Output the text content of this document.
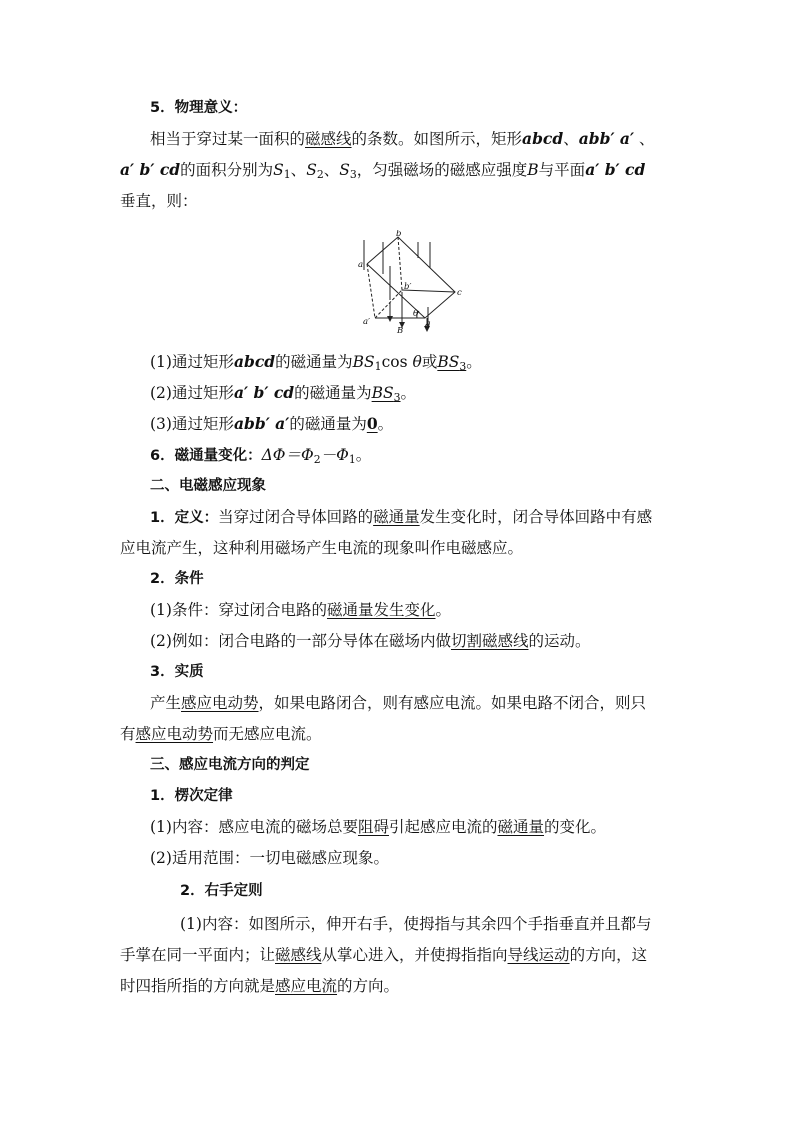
5．物理意义：
相当于穿过某一面积的磁感线的条数。如图所示，矩形abcd、abb′ a′ 、
a′ b′ cd的面积分别为$S_1$、$S_2$、$S_3$，匀强磁场的磁感应强度B与平面a′ b′ cd
垂直，则：
b
a
c
b′
a′
B
θ
d
(1)通过矩形abcd的磁通量为$BS_1\cos$ θ或$BS_3$。
(2)通过矩形a′ b′ cd的磁通量为$BS_3$。
(3)通过矩形abb′ a′的磁通量为0。
6．磁通量变化：$\Delta\Phi=\Phi_2-\Phi_1$。
二、电磁感应现象
1．定义：当穿过闭合导体回路的磁通量发生变化时，闭合导体回路中有感
应电流产生，这种利用磁场产生电流的现象叫作电磁感应。
2．条件
(1)条件：穿过闭合电路的磁通量发生变化。
(2)例如：闭合电路的一部分导体在磁场内做切割磁感线的运动。
3．实质
产生感应电动势，如果电路闭合，则有感应电流。如果电路不闭合，则只
有感应电动势而无感应电流。
三、感应电流方向的判定
1．楞次定律
(1)内容：感应电流的磁场总要阻碍引起感应电流的磁通量的变化。
(2)适用范围：一切电磁感应现象。
2．右手定则
(1)内容：如图所示，伸开右手，使拇指与其余四个手指垂直并且都与
手掌在同一平面内；让磁感线从掌心进入，并使拇指指向导线运动的方向，这
时四指所指的方向就是感应电流的方向。
